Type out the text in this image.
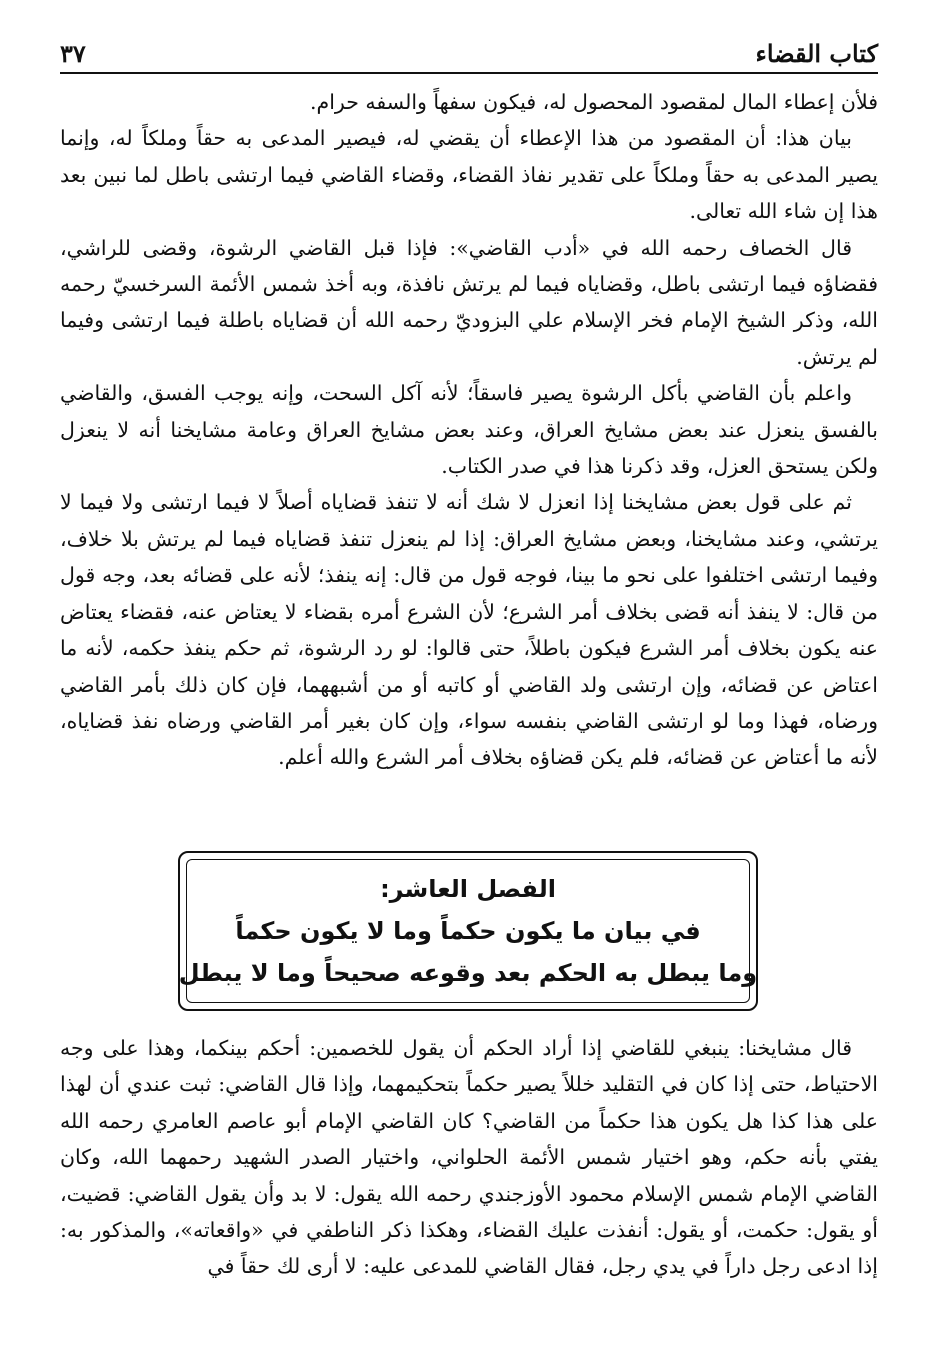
كتاب القضاء
٣٧

فلأن إعطاء المال لمقصود المحصول له، فيكون سفهاً والسفه حرام.

بيان هذا: أن المقصود من هذا الإعطاء أن يقضي له، فيصير المدعى به حقاً وملكاً له، وإنما يصير المدعى به حقاً وملكاً على تقدير نفاذ القضاء، وقضاء القاضي فيما ارتشى باطل لما نبين بعد هذا إن شاء الله تعالى.

قال الخصاف رحمه الله في «أدب القاضي»: فإذا قبل القاضي الرشوة، وقضى للراشي، فقضاؤه فيما ارتشى باطل، وقضاياه فيما لم يرتش نافذة، وبه أخذ شمس الأئمة السرخسيّ رحمه الله، وذكر الشيخ الإمام فخر الإسلام علي البزوديّ رحمه الله أن قضاياه باطلة فيما ارتشى وفيما لم يرتش.

واعلم بأن القاضي بأكل الرشوة يصير فاسقاً؛ لأنه آكل السحت، وإنه يوجب الفسق، والقاضي بالفسق ينعزل عند بعض مشايخ العراق، وعند بعض مشايخ العراق وعامة مشايخنا أنه لا ينعزل ولكن يستحق العزل، وقد ذكرنا هذا في صدر الكتاب.

ثم على قول بعض مشايخنا إذا انعزل لا شك أنه لا تنفذ قضاياه أصلاً لا فيما ارتشى ولا فيما لا يرتشي، وعند مشايخنا، وبعض مشايخ العراق: إذا لم ينعزل تنفذ قضاياه فيما لم يرتش بلا خلاف، وفيما ارتشى اختلفوا على نحو ما بينا، فوجه قول من قال: إنه ينفذ؛ لأنه على قضائه بعد، وجه قول من قال: لا ينفذ أنه قضى بخلاف أمر الشرع؛ لأن الشرع أمره بقضاء لا يعتاض عنه، فقضاء يعتاض عنه يكون بخلاف أمر الشرع فيكون باطلاً، حتى قالوا: لو رد الرشوة، ثم حكم ينفذ حكمه، لأنه ما اعتاض عن قضائه، وإن ارتشى ولد القاضي أو كاتبه أو من أشبههما، فإن كان ذلك بأمر القاضي ورضاه، فهذا وما لو ارتشى القاضي بنفسه سواء، وإن كان بغير أمر القاضي ورضاه نفذ قضاياه، لأنه ما أعتاض عن قضائه، فلم يكن قضاؤه بخلاف أمر الشرع والله أعلم.

الفصل العاشر:
في بيان ما يكون حكماً وما لا يكون حكماً
وما يبطل به الحكم بعد وقوعه صحيحاً وما لا يبطل

قال مشايخنا: ينبغي للقاضي إذا أراد الحكم أن يقول للخصمين: أحكم بينكما، وهذا على وجه الاحتياط، حتى إذا كان في التقليد خللاً يصير حكماً بتحكيمهما، وإذا قال القاضي: ثبت عندي أن لهذا على هذا كذا هل يكون هذا حكماً من القاضي؟ كان القاضي الإمام أبو عاصم العامري رحمه الله يفتي بأنه حكم، وهو اختيار شمس الأئمة الحلواني، واختيار الصدر الشهيد رحمهما الله، وكان القاضي الإمام شمس الإسلام محمود الأوزجندي رحمه الله يقول: لا بد وأن يقول القاضي: قضيت، أو يقول: حكمت، أو يقول: أنفذت عليك القضاء، وهكذا ذكر الناطفي في «واقعاته»، والمذكور به: إذا ادعى رجل داراً في يدي رجل، فقال القاضي للمدعى عليه: لا أرى لك حقاً في
